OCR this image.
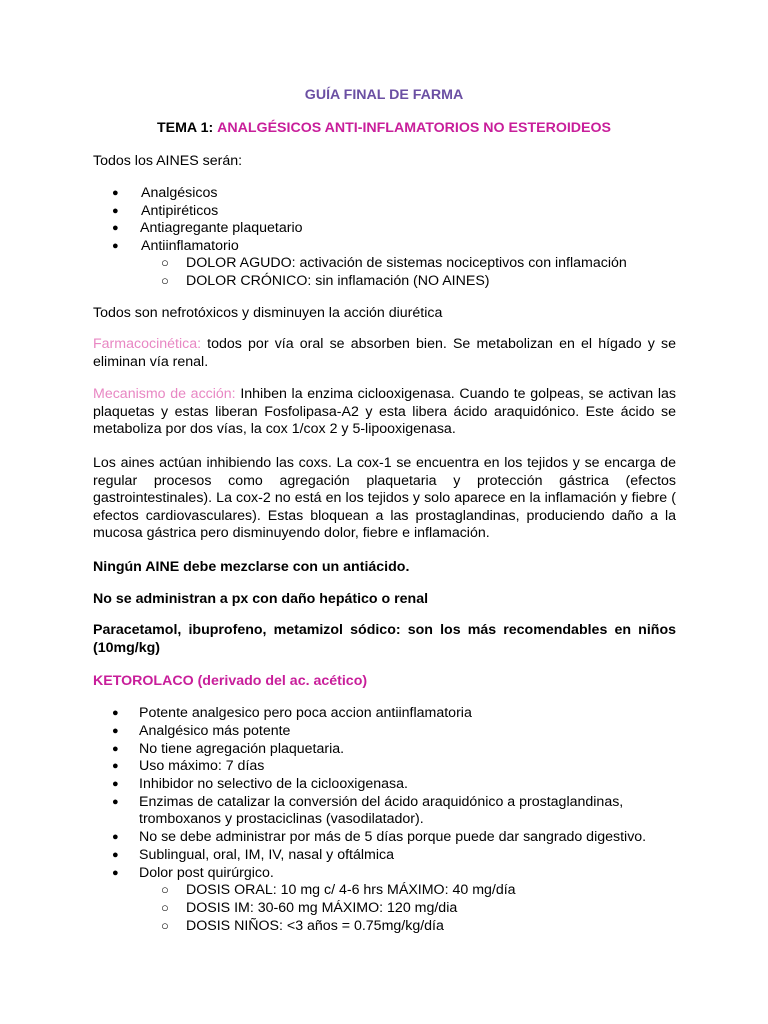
GUÍA FINAL DE FARMA
TEMA 1: ANALGÉSICOS ANTI-INFLAMATORIOS NO ESTEROIDEOS
Todos los AINES serán:
● Analgésicos
● Antipiréticos
● Antiagregante plaquetario
● Antiinflamatorio
○ DOLOR AGUDO: activación de sistemas nociceptivos con inflamación
○ DOLOR CRÓNICO: sin inflamación (NO AINES)
Todos son nefrotóxicos y disminuyen la acción diurética
Farmacocinética: todos por vía oral se absorben bien. Se metabolizan en el hígado y se
eliminan vía renal.
Mecanismo de acción: Inhiben la enzima ciclooxigenasa. Cuando te golpeas, se activan las
plaquetas y estas liberan Fosfolipasa-A2 y esta libera ácido araquidónico. Este ácido se
metaboliza por dos vías, la cox 1/cox 2 y 5-lipooxigenasa.
Los aines actúan inhibiendo las coxs. La cox-1 se encuentra en los tejidos y se encarga de
regular procesos como agregación plaquetaria y protección gástrica (efectos
gastrointestinales). La cox-2 no está en los tejidos y solo aparece en la inflamación y fiebre (
efectos cardiovasculares). Estas bloquean a las prostaglandinas, produciendo daño a la
mucosa gástrica pero disminuyendo dolor, fiebre e inflamación.
Ningún AINE debe mezclarse con un antiácido.
No se administran a px con daño hepático o renal
Paracetamol, ibuprofeno, metamizol sódico: son los más recomendables en niños
(10mg/kg)
KETOROLACO (derivado del ac. acético)
● Potente analgesico pero poca accion antiinflamatoria
● Analgésico más potente
● No tiene agregación plaquetaria.
● Uso máximo: 7 días
● Inhibidor no selectivo de la ciclooxigenasa.
● Enzimas de catalizar la conversión del ácido araquidónico a prostaglandinas,
tromboxanos y prostaciclinas (vasodilatador).
● No se debe administrar por más de 5 días porque puede dar sangrado digestivo.
● Sublingual, oral, IM, IV, nasal y oftálmica
● Dolor post quirúrgico.
○ DOSIS ORAL: 10 mg c/ 4-6 hrs MÁXIMO: 40 mg/día
○ DOSIS IM: 30-60 mg MÁXIMO: 120 mg/dia
○ DOSIS NIÑOS: <3 años = 0.75mg/kg/día
